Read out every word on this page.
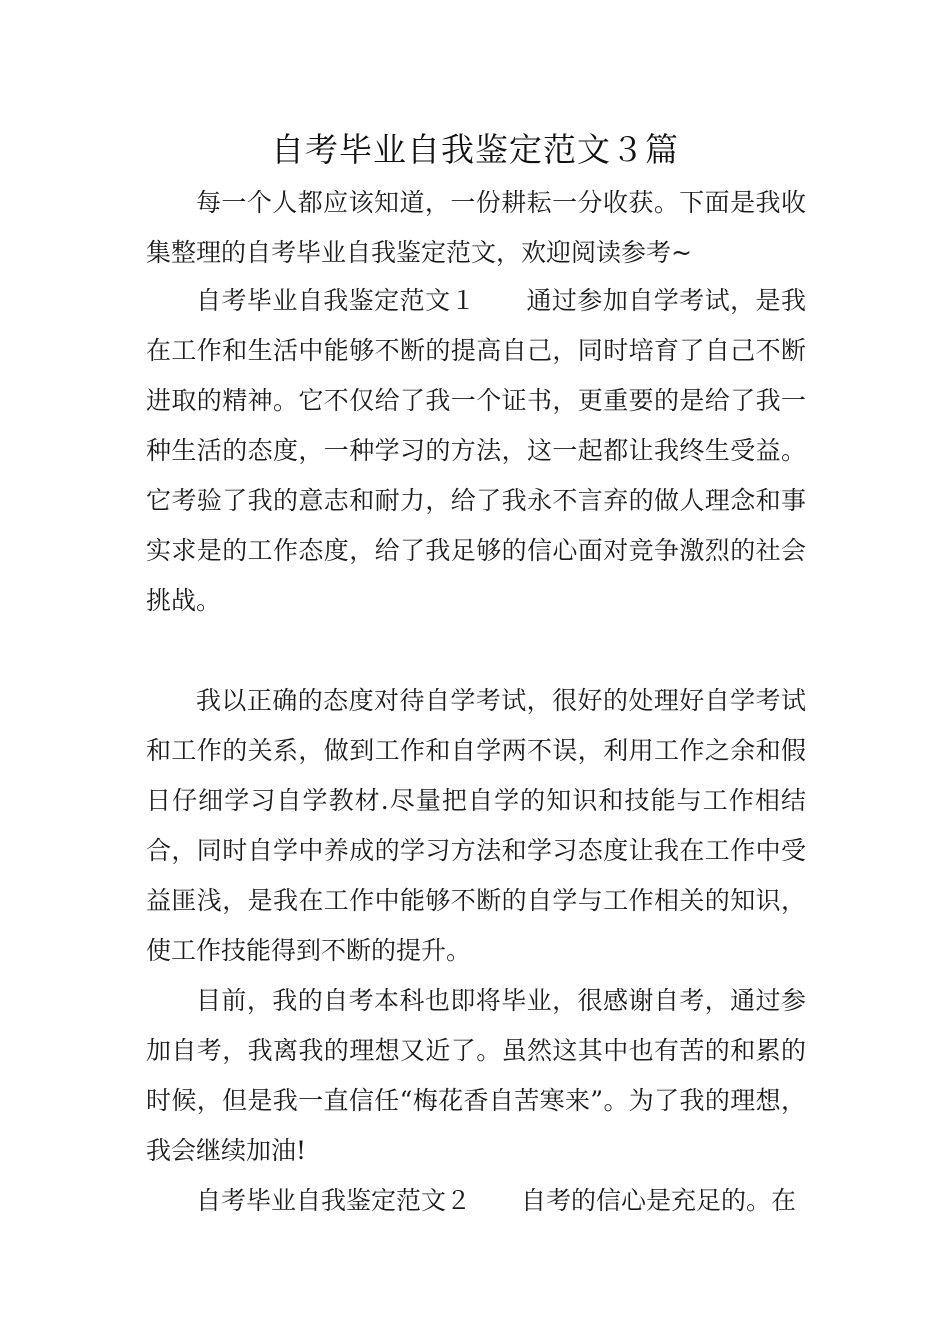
自考毕业自我鉴定范文３篇

每一个人都应该知道，一份耕耘一分收获。下面是我收集整理的自考毕业自我鉴定范文，欢迎阅读参考~

自考毕业自我鉴定范文１ 通过参加自学考试，是我在工作和生活中能够不断的提高自己，同时培育了自己不断进取的精神。它不仅给了我一个证书，更重要的是给了我一种生活的态度，一种学习的方法，这一起都让我终生受益。它考验了我的意志和耐力，给了我永不言弃的做人理念和事实求是的工作态度，给了我足够的信心面对竞争激烈的社会挑战。

我以正确的态度对待自学考试，很好的处理好自学考试和工作的关系，做到工作和自学两不误，利用工作之余和假日仔细学习自学教材.尽量把自学的知识和技能与工作相结合，同时自学中养成的学习方法和学习态度让我在工作中受益匪浅，是我在工作中能够不断的自学与工作相关的知识，使工作技能得到不断的提升。

目前，我的自考本科也即将毕业，很感谢自考，通过参加自考，我离我的理想又近了。虽然这其中也有苦的和累的时候，但是我一直信任“梅花香自苦寒来”。为了我的理想，我会继续加油!

自考毕业自我鉴定范文２ 自考的信心是充足的。在
